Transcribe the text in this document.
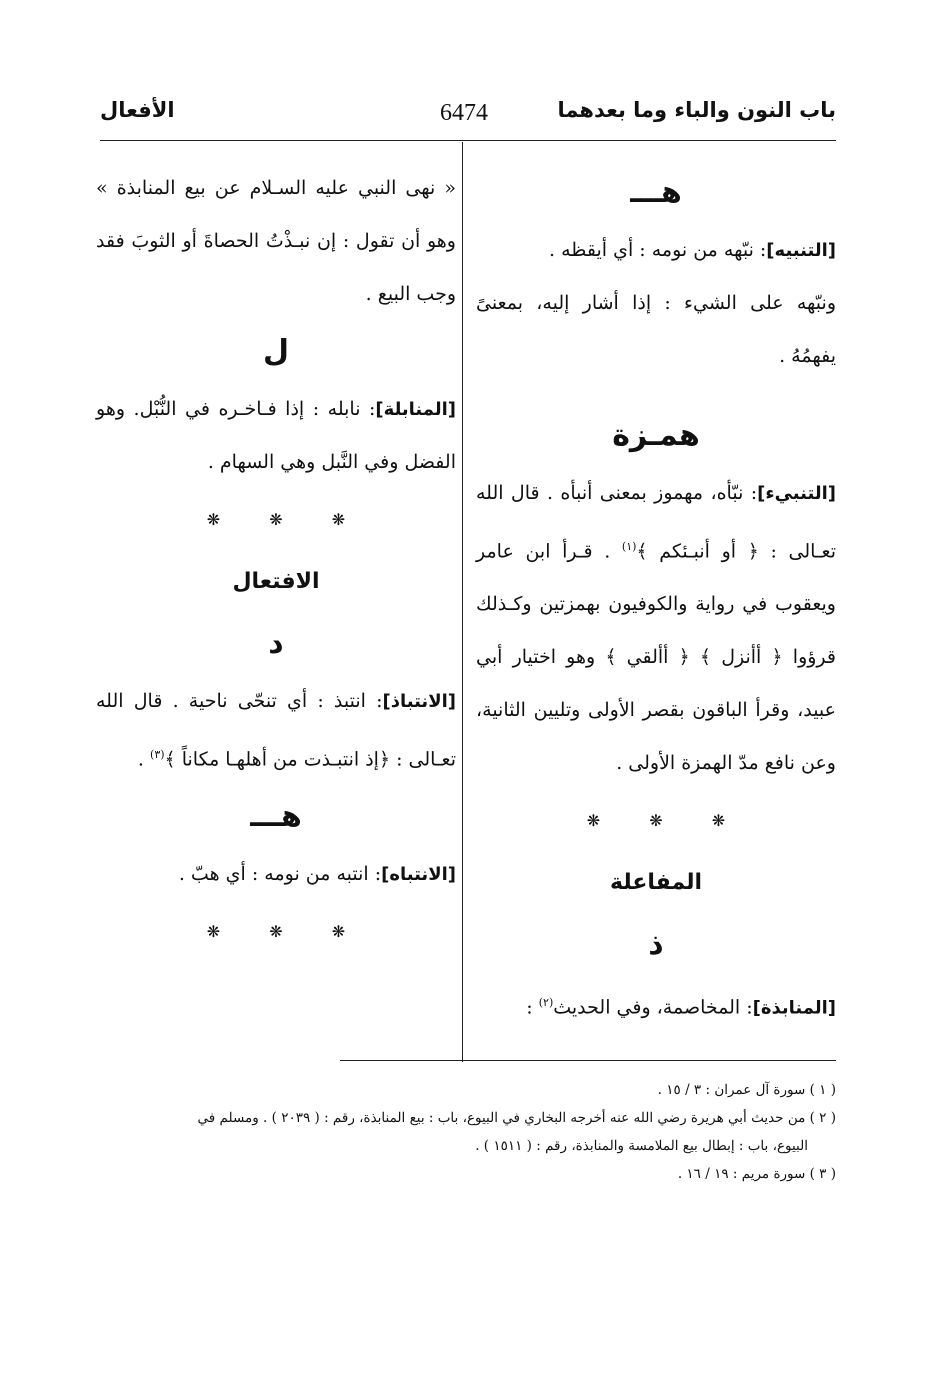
باب النون والباء وما بعدهما
6474
الأفعال

هـــ

[التنبيه]: نبّهه من نومه : أي أيقظه .

ونبّهه على الشيء : إذا أشار إليه، بمعنىً يفهمُهُ .

همـزة

[التنبيء]: نبّأه، مهموز بمعنى أنبأه . قال الله تعـالى : ﴿ أو أنبـئكم ﴾$^{(١)}$ . قـرأ ابن عامر ويعقوب في رواية والكوفيون بهمزتين وكـذلك قرؤوا ﴿ أأنزل ﴾ ﴿ أألقي ﴾ وهو اختيار أبي عبيد، وقرأ الباقون بقصر الأولى وتليين الثانية، وعن نافع مدّ الهمزة الأولى .

❋ ❋ ❋

المفاعلة

ذ

[المنابذة]: المخاصمة، وفي الحديث$^{(٢)}$ :

« نهى النبي عليه السـلام عن بيع المنابذة » وهو أن تقول : إن نبـذْتُ الحصاةَ أو الثوبَ فقد وجب البيع .

ل

[المنابلة]: نابله : إذا فـاخـره في النُّبْل. وهو الفضل وفي النَّبل وهي السهام .

❋ ❋ ❋

الافتعال

د

[الانتباذ]: انتبذ : أي تنحّى ناحية . قال الله تعـالى : ﴿إذ انتبـذت من أهلهـا مكاناً ﴾$^{(٣)}$ .

هـــ

[الانتباه]: انتبه من نومه : أي هبّ .

❋ ❋ ❋

( ١ ) سورة آل عمران : ٣ / ١٥ .

( ٢ ) من حديث أبي هريرة رضي الله عنه أخرجه البخاري في البيوع، باب : بيع المنابذة، رقم : ( ٢٠٣٩ ) . ومسلم في

البيوع، باب : إبطال بيع الملامسة والمنابذة، رقم : ( ١٥١١ ) .

( ٣ ) سورة مريم : ١٩ / ١٦ .
